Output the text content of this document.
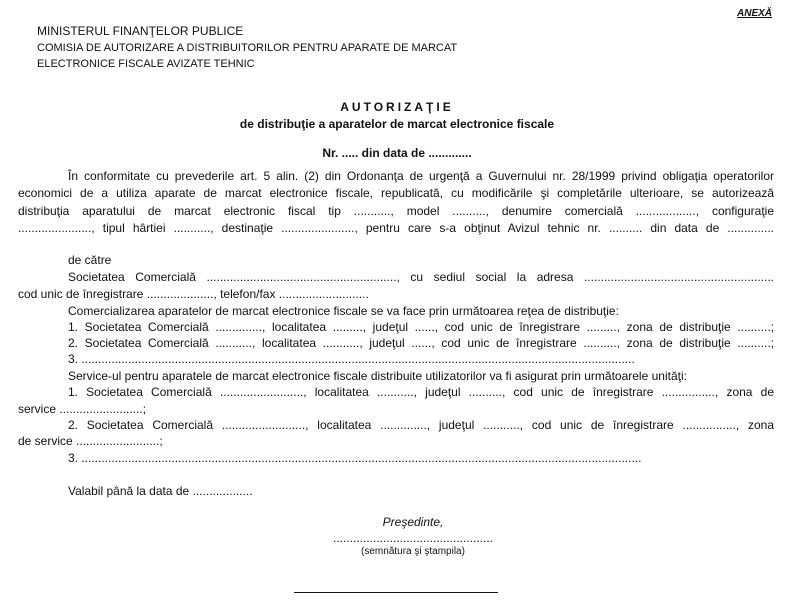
ANEXĂ
MINISTERUL FINANŢELOR PUBLICE
COMISIA DE AUTORIZARE A DISTRIBUITORILOR PENTRU APARATE DE MARCAT
ELECTRONICE FISCALE AVIZATE TEHNIC
AUTORIZAŢIE
de distribuţie a aparatelor de marcat electronice fiscale
Nr. ..... din data de .............
În conformitate cu prevederile art. 5 alin. (2) din Ordonanţa de urgenţă a Guvernului nr. 28/1999 privind obligaţia operatorilor
economici de a utiliza aparate de marcat electronice fiscale, republicată, cu modificările şi completările ulterioare, se autorizează
distribuţia aparatului de marcat electronic fiscal tip ..........., model .........., denumire comercială .................., configuraţie
......................, tipul hârtiei ..........., destinaţie ......................, pentru care s-a obţinut Avizul tehnic nr. .......... din data de ..............
de către
Societatea Comercială ........................................................., cu sediul social la adresa .........................................................
cod unic de înregistrare ...................., telefon/fax ...........................
Comercializarea aparatelor de marcat electronice fiscale se va face prin următoarea reţea de distribuţie:
1. Societatea Comercială .............., localitatea ........., judeţul ......, cod unic de înregistrare ........., zona de distribuţie ..........;
2. Societatea Comercială ..........., localitatea ..........., judeţul ......, cod unic de înregistrare .........., zona de distribuţie ..........;
3. ......................................................................................................................................................................
Service-ul pentru aparatele de marcat electronice fiscale distribuite utilizatorilor va fi asigurat prin următoarele unităţi:
1. Societatea Comercială ........................., localitatea ..........., judeţul .........., cod unic de înregistrare ................, zona de
service .........................;
2. Societatea Comercială ........................., localitatea .............., judeţul ..........., cod unic de înregistrare ................, zona
de service .........................;
3. ........................................................................................................................................................................
Valabil până la data de ..................
Preşedinte,
................................................
(semnătura şi ştampila)
